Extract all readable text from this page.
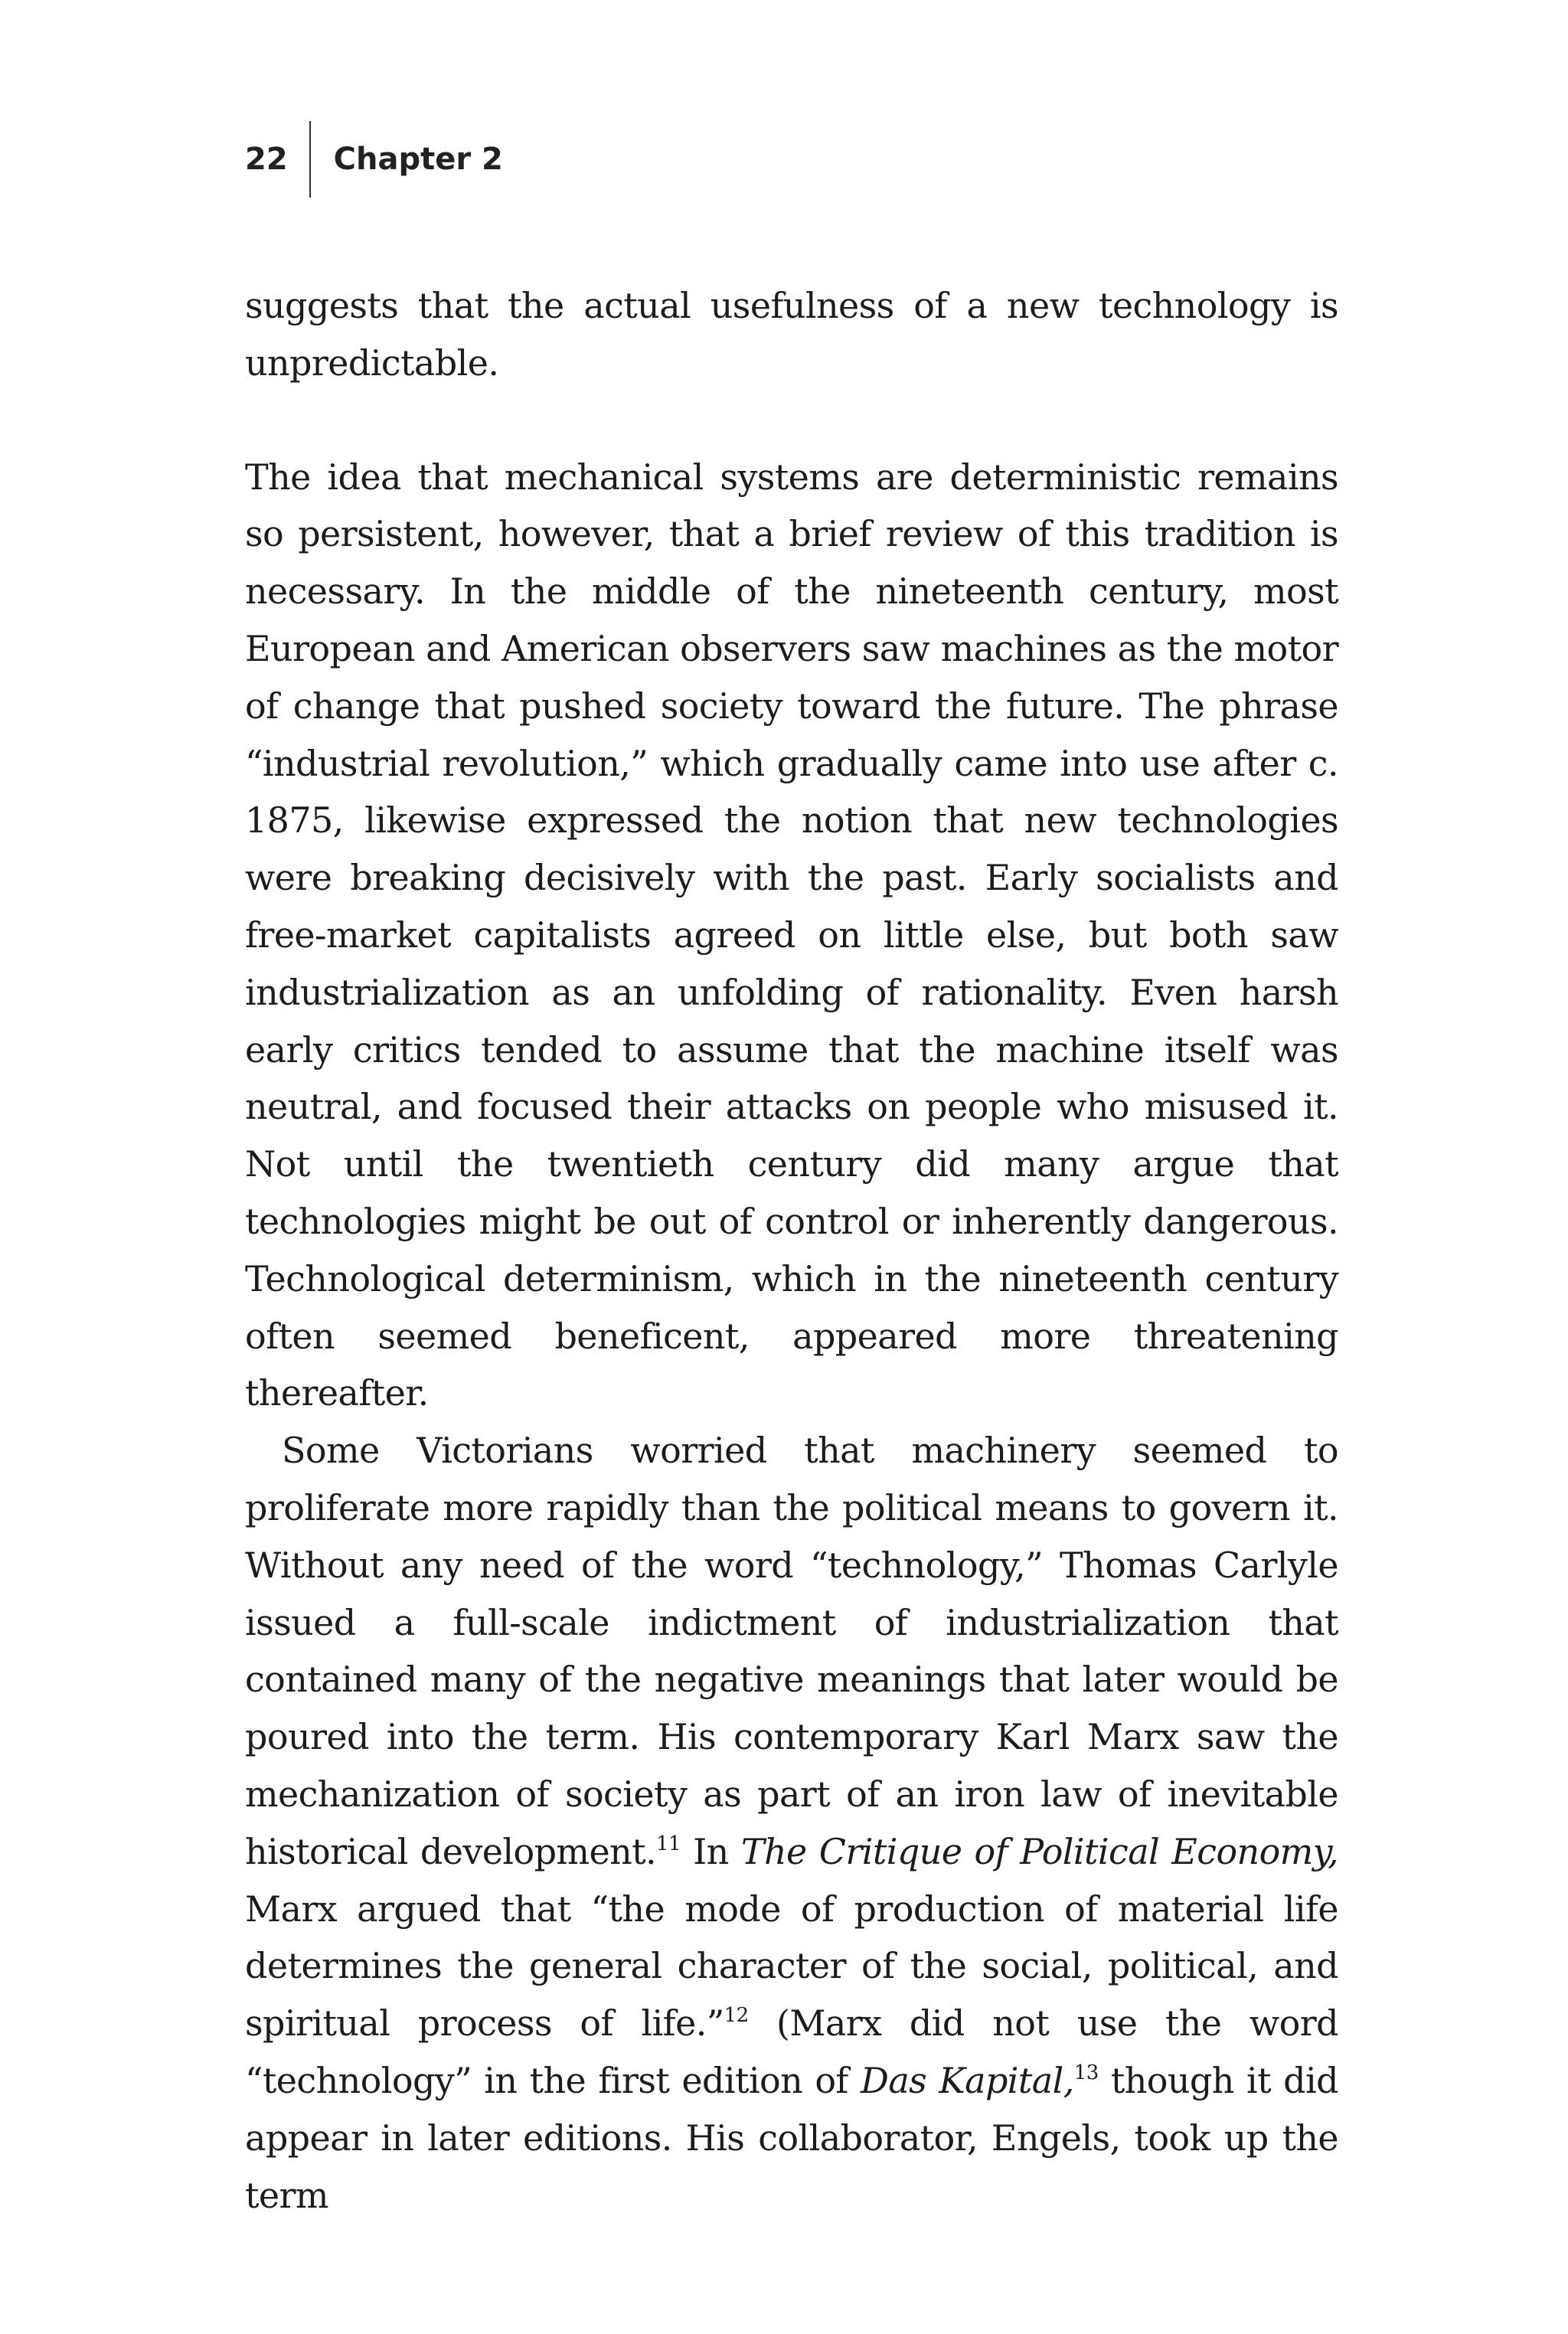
22	Chapter 2

suggests that the actual usefulness of a new technology is unpredictable.

The idea that mechanical systems are deterministic remains so persistent, however, that a brief review of this tradition is necessary. In the middle of the nineteenth century, most European and American observers saw machines as the motor of change that pushed society toward the future. The phrase “industrial revolution,” which gradually came into use after c. 1875, likewise expressed the notion that new technologies were breaking decisively with the past. Early socialists and free-market capitalists agreed on little else, but both saw industrialization as an unfolding of rationality. Even harsh early critics tended to assume that the machine itself was neutral, and focused their attacks on people who misused it. Not until the twentieth century did many argue that technologies might be out of control or inherently dangerous. Technological determinism, which in the nineteenth century often seemed beneficent, appeared more threatening thereafter.

Some Victorians worried that machinery seemed to proliferate more rapidly than the political means to govern it. Without any need of the word “technology,” Thomas Carlyle issued a full-scale indictment of industrialization that contained many of the negative meanings that later would be poured into the term. His contemporary Karl Marx saw the mechanization of society as part of an iron law of inevitable historical development.$^{11}$ In The Critique of Political Economy, Marx argued that “the mode of production of material life determines the general character of the social, political, and spiritual process of life.”$^{12}$ (Marx did not use the word “technology” in the first edition of Das Kapital,$^{13}$ though it did appear in later editions. His collaborator, Engels, took up the term
